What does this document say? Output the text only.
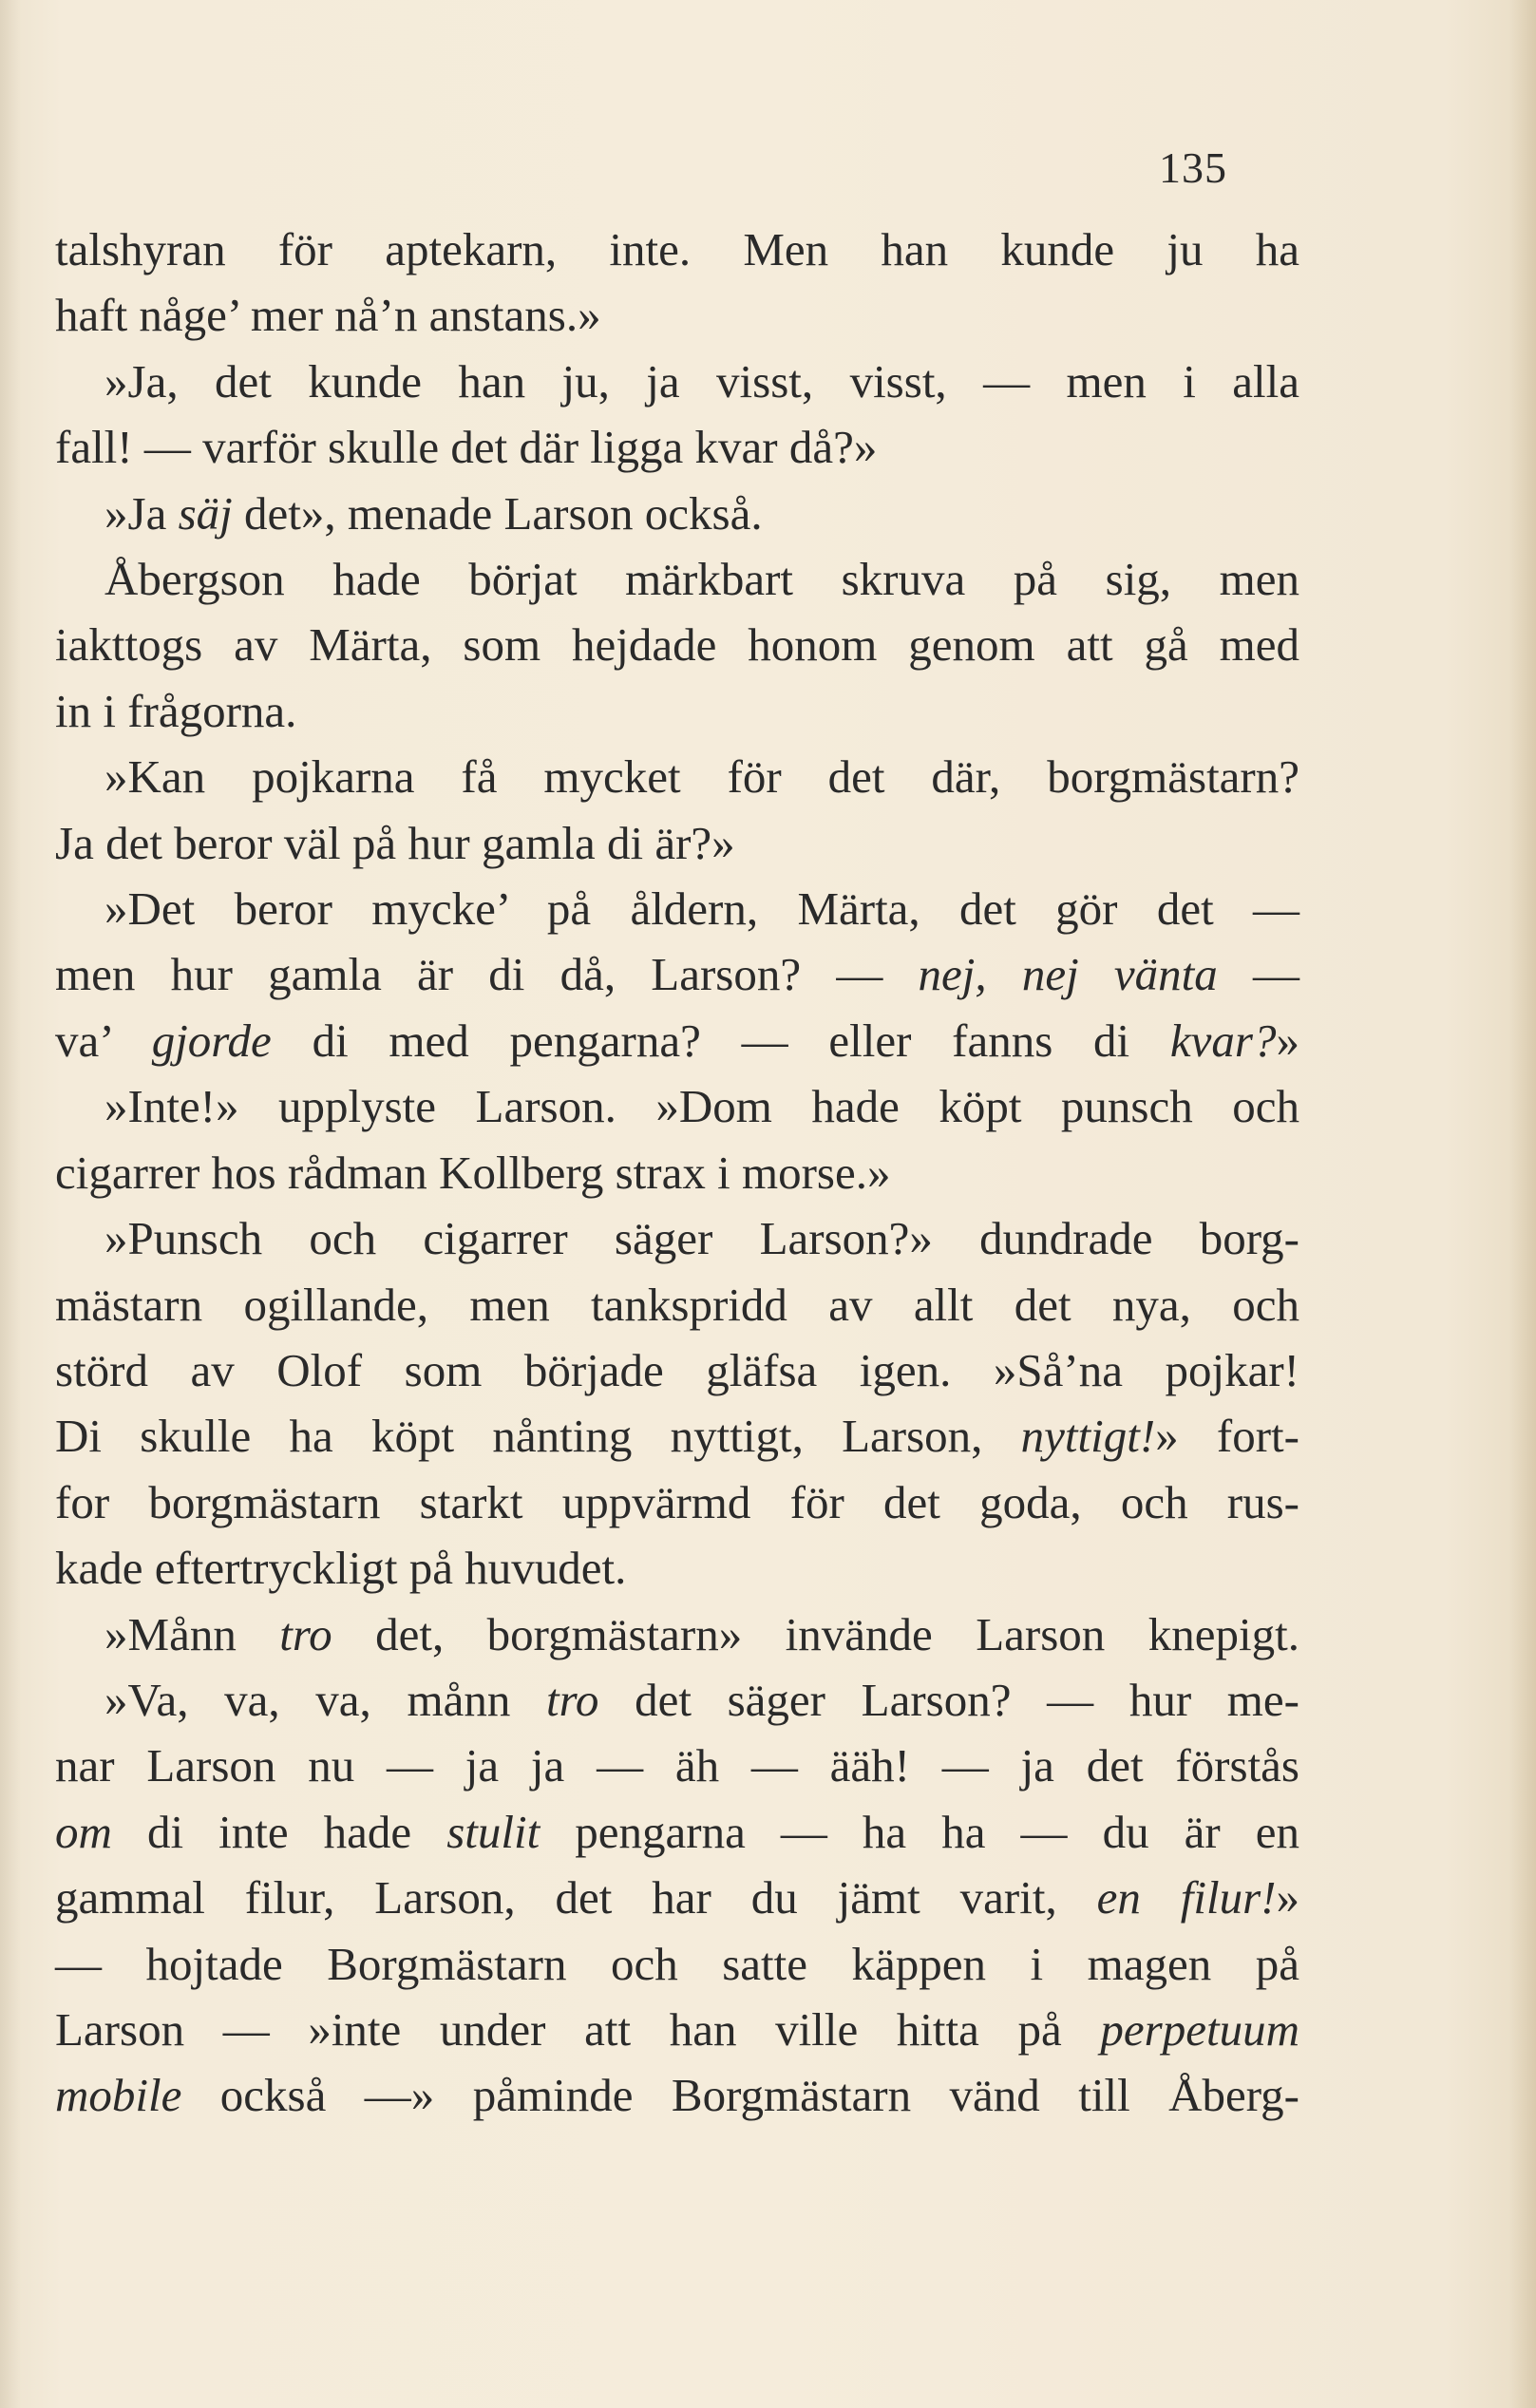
135
talshyran för aptekarn, inte. Men han kunde ju ha
haft någe’ mer nå’n anstans.»
»Ja, det kunde han ju, ja visst, visst, — men i alla
fall! — varför skulle det där ligga kvar då?»
»Ja säj det», menade Larson också.
Åbergson hade börjat märkbart skruva på sig, men
iakttogs av Märta, som hejdade honom genom att gå med
in i frågorna.
»Kan pojkarna få mycket för det där, borgmästarn?
Ja det beror väl på hur gamla di är?»
»Det beror mycke’ på åldern, Märta, det gör det —
men hur gamla är di då, Larson? — nej, nej vänta —
va’ gjorde di med pengarna? — eller fanns di kvar?»
»Inte!» upplyste Larson. »Dom hade köpt punsch och
cigarrer hos rådman Kollberg strax i morse.»
»Punsch och cigarrer säger Larson?» dundrade borg-
mästarn ogillande, men tankspridd av allt det nya, och
störd av Olof som började gläfsa igen. »Så’na pojkar!
Di skulle ha köpt nånting nyttigt, Larson, nyttigt!» fort-
for borgmästarn starkt uppvärmd för det goda, och rus-
kade eftertryckligt på huvudet.
»Månn tro det, borgmästarn» invände Larson knepigt.
»Va, va, va, månn tro det säger Larson? — hur me-
nar Larson nu — ja ja — äh — ääh! — ja det förstås
om di inte hade stulit pengarna — ha ha — du är en
gammal filur, Larson, det har du jämt varit, en filur!»
— hojtade Borgmästarn och satte käppen i magen på
Larson — »inte under att han ville hitta på perpetuum
mobile också —» påminde Borgmästarn vänd till Åberg-
